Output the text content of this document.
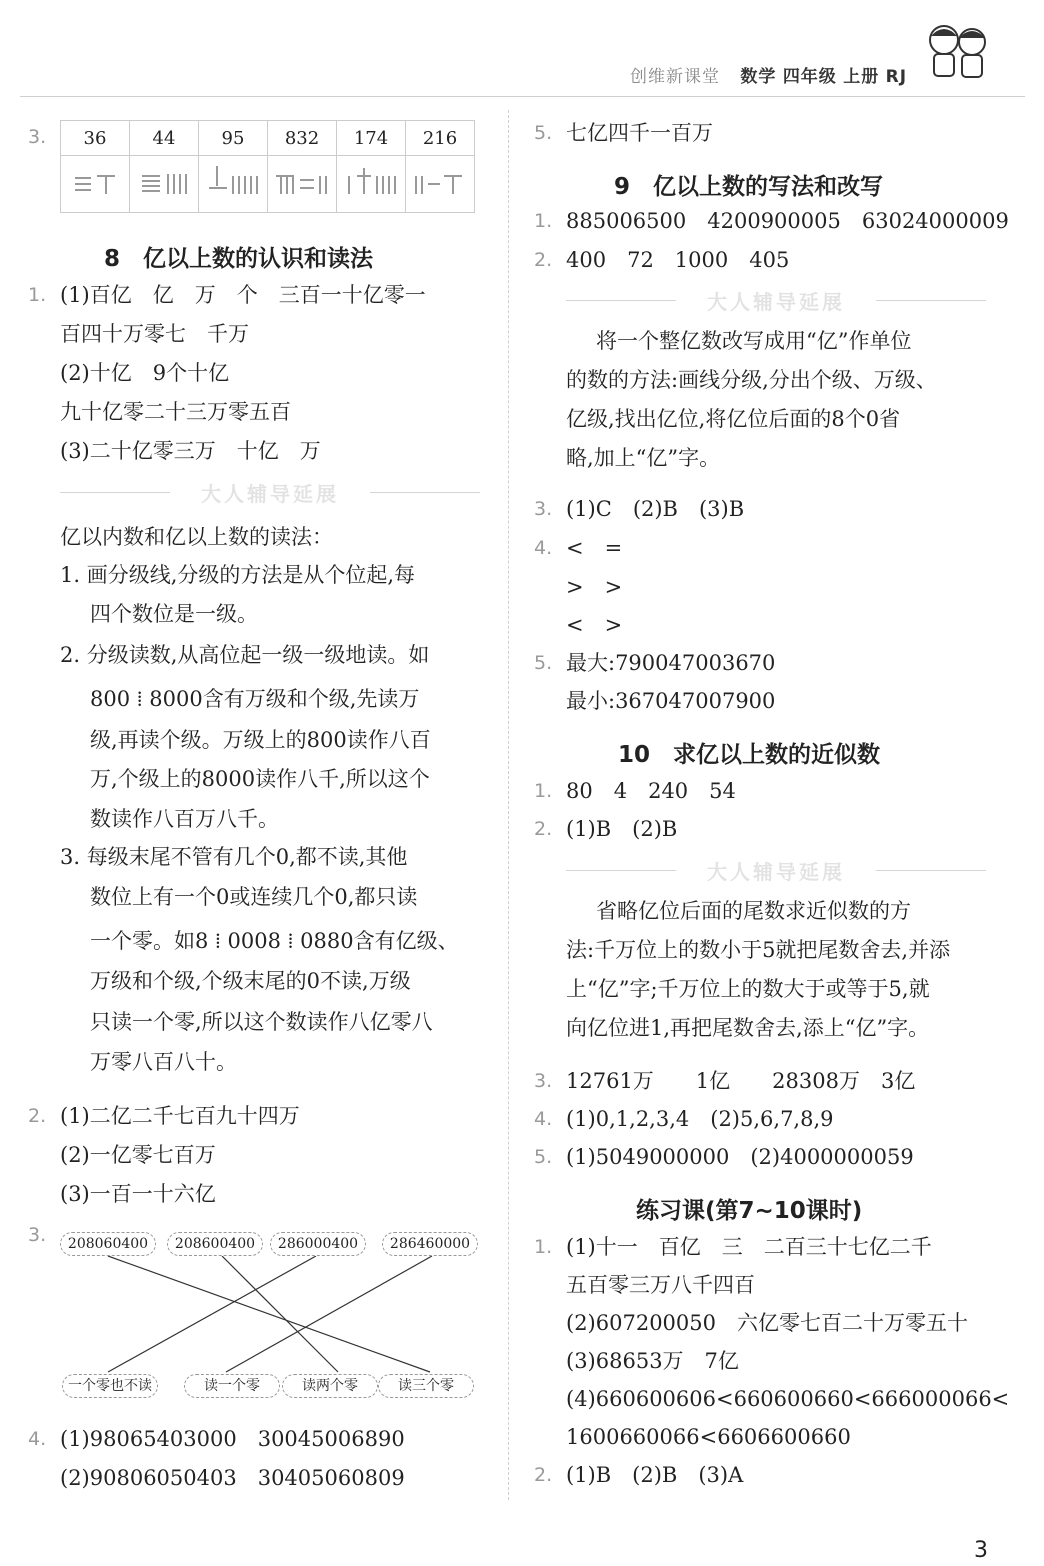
创维新课堂 数学 四年级 上册 RJ
3. 36	44	95	832	174	216

8　亿以上数的认识和读法
1. (1)百亿　亿　万　个　三百一十亿零一
百四十万零七　千万
(2)十亿　9个十亿
九十亿零二十三万零五百
(3)二十亿零三万　十亿　万
大人辅导延展
亿以内数和亿以上数的读法：
1. 画分级线,分级的方法是从个位起,每
四个数位是一级。
2. 分级读数,从高位起一级一级地读。如
800 ⁞ 8000含有万级和个级,先读万
级,再读个级。万级上的800读作八百
万,个级上的8000读作八千,所以这个
数读作八百万八千。
3. 每级末尾不管有几个0,都不读,其他
数位上有一个0或连续几个0,都只读
一个零。如8 ⁞ 0008 ⁞ 0880含有亿级、
万级和个级,个级末尾的0不读,万级
只读一个零,所以这个数读作八亿零八
万零八百八十。
2. (1)二亿二千七百九十四万
(2)一亿零七百万
(3)一百一十六亿
3.	208060400	208600400	286000400	286460000
一个零也不读	读一个零	读两个零	读三个零
4. (1)98065403000　30045006890
(2)90806050403　30405060809
5. 七亿四千一百万
9　亿以上数的写法和改写
1. 885006500　4200900005　63024000009
2. 400　72　1000　405
大人辅导延展
将一个整亿数改写成用“亿”作单位
的数的方法:画线分级,分出个级、万级、
亿级,找出亿位,将亿位后面的8个0省
略,加上“亿”字。
3. (1)C　(2)B　(3)B
4. <　=
>　>
<　>
5. 最大:790047003670
最小:367047007900
10　求亿以上数的近似数
1. 80　4　240　54
2. (1)B　(2)B
大人辅导延展
省略亿位后面的尾数求近似数的方
法:千万位上的数小于5就把尾数舍去,并添
上“亿”字;千万位上的数大于或等于5,就
向亿位进1,再把尾数舍去,添上“亿”字。
3. 12761万　　1亿　　28308万　3亿
4. (1)0,1,2,3,4　(2)5,6,7,8,9
5. (1)5049000000　(2)4000000059
练习课(第7~10课时)
1. (1)十一　百亿　三　二百三十七亿二千
五百零三万八千四百
(2)607200050　六亿零七百二十万零五十
(3)68653万　7亿
(4)660600606<660600660<666000066<
1600660066<6606600660
2. (1)B　(2)B　(3)A
3
